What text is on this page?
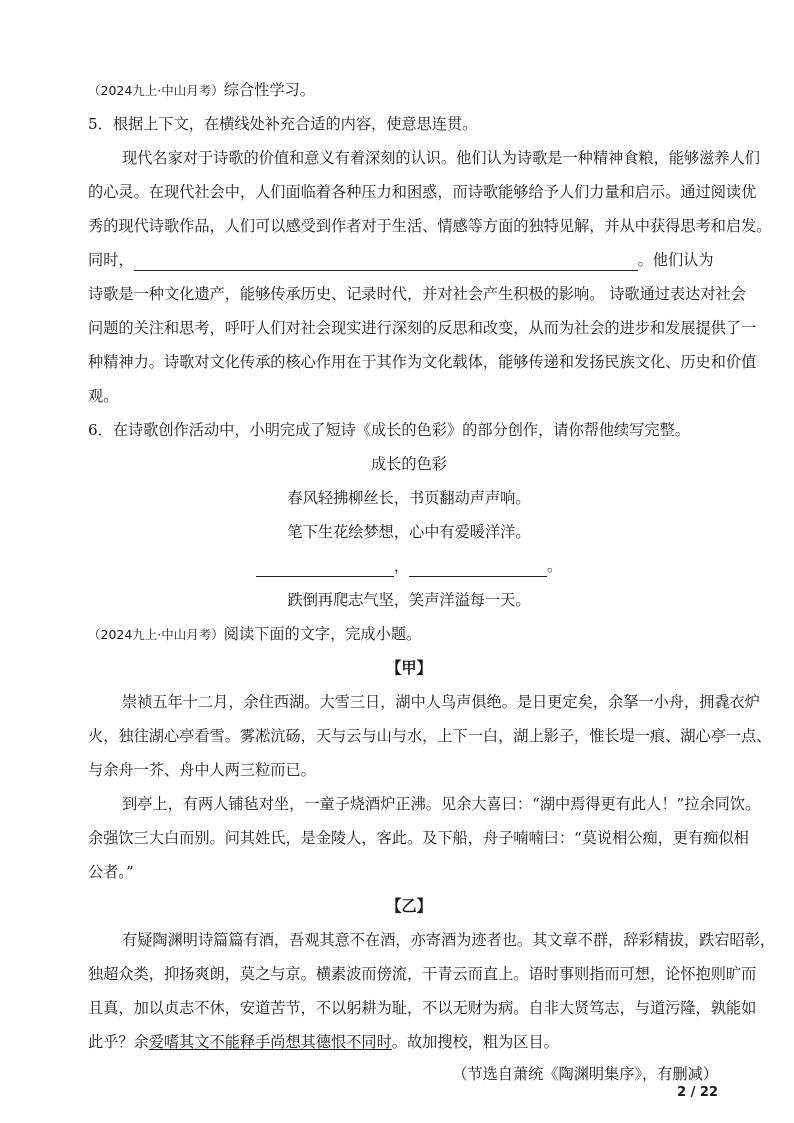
（2024九上·中山月考）综合性学习。
5．根据上下文，在横线处补充合适的内容，使意思连贯。
现代名家对于诗歌的价值和意义有着深刻的认识。他们认为诗歌是一种精神食粮，能够滋养人们
的心灵。在现代社会中，人们面临着各种压力和困惑，而诗歌能够给予人们力量和启示。通过阅读优
秀的现代诗歌作品，人们可以感受到作者对于生活、情感等方面的独特见解，并从中获得思考和启发。
同时，	。他们认为
诗歌是一种文化遗产，能够传承历史、记录时代，并对社会产生积极的影响。 诗歌通过表达对社会
问题的关注和思考，呼吁人们对社会现实进行深刻的反思和改变，从而为社会的进步和发展提供了一
种精神力。诗歌对文化传承的核心作用在于其作为文化载体，能够传递和发扬民族文化、历史和价值
观。
6．在诗歌创作活动中，小明完成了短诗《成长的色彩》的部分创作，请你帮他续写完整。
成长的色彩
春风轻拂柳丝长，书页翻动声声响。
笔下生花绘梦想，心中有爱暖洋洋。
，	。
跌倒再爬志气坚，笑声洋溢每一天。
（2024九上·中山月考）阅读下面的文字，完成小题。
【甲】
崇祯五年十二月，余住西湖。大雪三日，湖中人鸟声俱绝。是日更定矣，余拏一小舟，拥毳衣炉
火，独往湖心亭看雪。雾凇沆砀，天与云与山与水，上下一白，湖上影子，惟长堤一痕、湖心亭一点、
与余舟一芥、舟中人两三粒而已。
到亭上，有两人铺毡对坐，一童子烧酒炉正沸。见余大喜曰：“湖中焉得更有此人！”拉余同饮。
余强饮三大白而别。问其姓氏，是金陵人，客此。及下船，舟子喃喃曰：“莫说相公痴，更有痴似相
公者。”
【乙】
有疑陶渊明诗篇篇有酒，吾观其意不在酒，亦寄酒为迹者也。其文章不群，辞彩精拔，跌宕昭彰，
独超众类，抑扬爽朗，莫之与京。横素波而傍流，干青云而直上。语时事则指而可想，论怀抱则旷而
且真，加以贞志不休，安道苦节，不以躬耕为耻，不以无财为病。自非大贤笃志，与道污隆，孰能如
此乎？余爱嗜其文不能释手尚想其德恨不同时。故加搜校，粗为区目。
（节选自萧统《陶渊明集序》，有删减）
2 / 22
